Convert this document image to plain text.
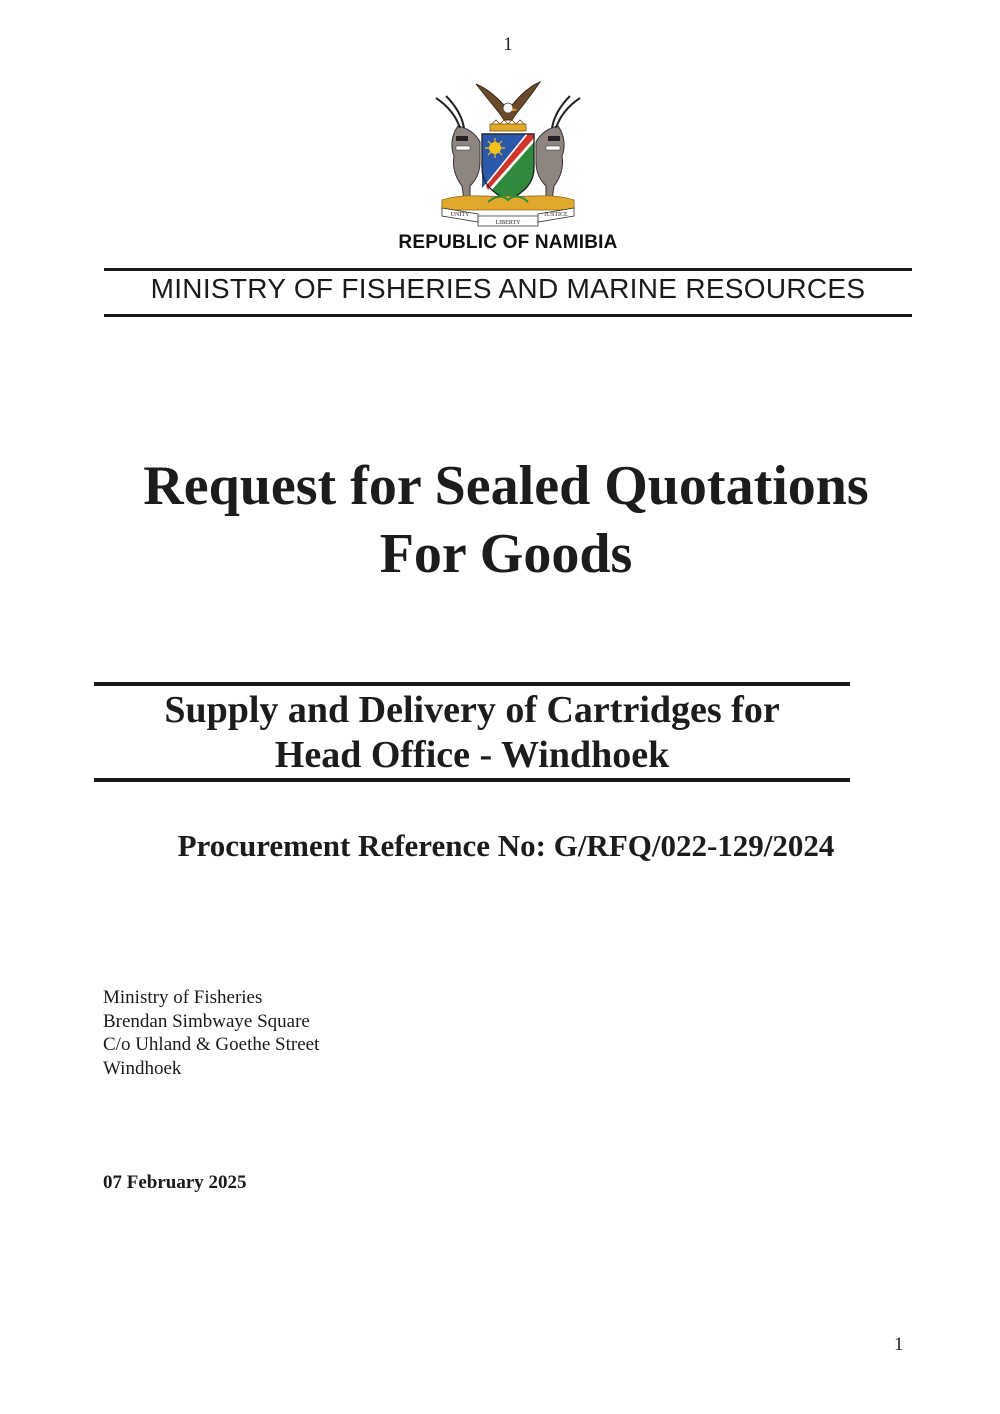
1
UNITY
LIBERTY
JUSTICE
REPUBLIC OF NAMIBIA
MINISTRY OF FISHERIES AND MARINE RESOURCES
Request for Sealed Quotations
For Goods
Supply and Delivery of Cartridges for
Head Office - Windhoek
Procurement Reference No: G/RFQ/022-129/2024
Ministry of Fisheries
Brendan Simbwaye Square
C/o Uhland & Goethe Street
Windhoek
07 February 2025
1
